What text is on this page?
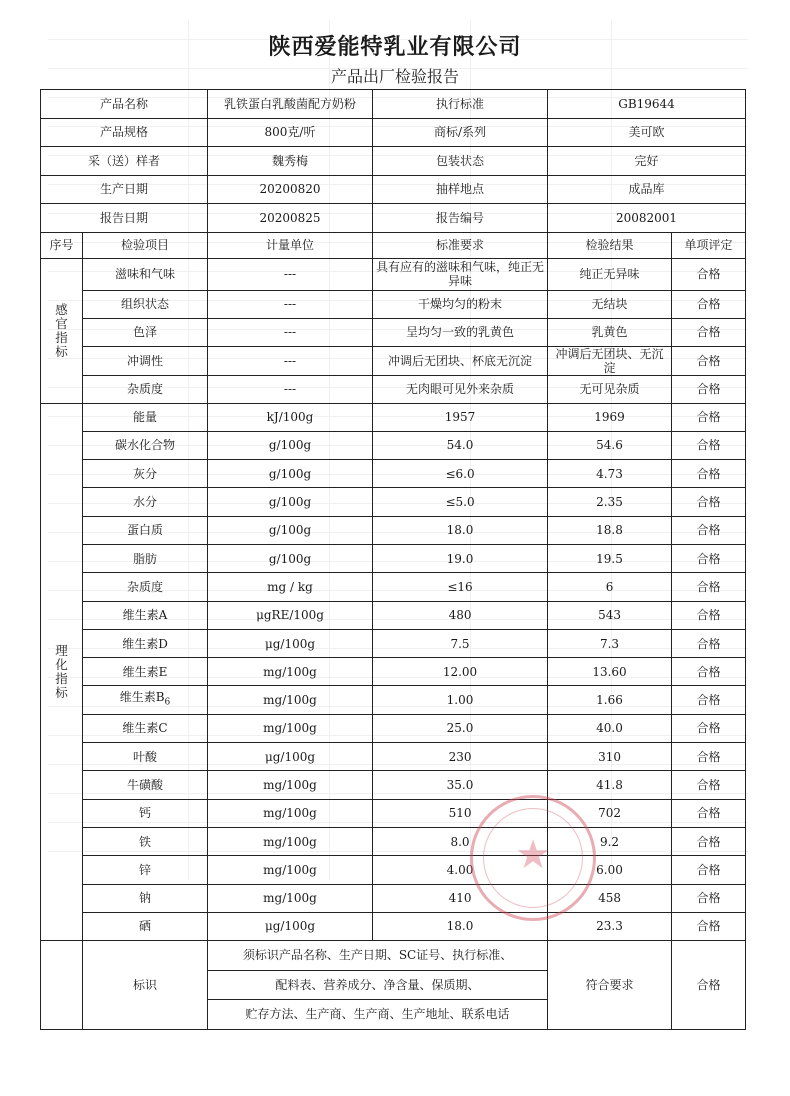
陕西爱能特乳业有限公司
产品出厂检验报告
产品名称		乳铁蛋白乳酸菌配方奶粉	执行标准	GB19644	
产品规格		800克/听	商标/系列	美可欧	
采（送）样者		魏秀梅	包装状态	完好	
生产日期		20200820	抽样地点	成品库	
报告日期		20200825	报告编号	20082001	
序号	检验项目	计量单位	标准要求	检验结果	单项评定
感官指标	滋味和气味	---	具有应有的滋味和气味，纯正无异味	纯正无异味	合格
	组织状态	---	干燥均匀的粉末	无结块	合格
	色泽	---	呈均匀一致的乳黄色	乳黄色	合格
	冲调性	---	冲调后无团块、杯底无沉淀	冲调后无团块、无沉淀	合格
	杂质度	---	无肉眼可见外来杂质	无可见杂质	合格
理化指标	能量	kJ/100g	1957	1969	合格
	碳水化合物	g/100g	54.0	54.6	合格
	灰分	g/100g	≤6.0	4.73	合格
	水分	g/100g	≤5.0	2.35	合格
	蛋白质	g/100g	18.0	18.8	合格
	脂肪	g/100g	19.0	19.5	合格
	杂质度	mg / kg	≤16	6	合格
	维生素A	μgRE/100g	480	543	合格
	维生素D	μg/100g	7.5	7.3	合格
	维生素E	mg/100g	12.00	13.60	合格
	维生素$B_6$	mg/100g	1.00	1.66	合格
	维生素C	mg/100g	25.0	40.0	合格
	叶酸	μg/100g	230	310	合格
	牛磺酸	mg/100g	35.0	41.8	合格
	钙	mg/100g	510	702	合格
	铁	mg/100g	8.0	9.2	合格
	锌	mg/100g	4.00	6.00	合格
	钠	mg/100g	410	458	合格
	硒	μg/100g	18.0	23.3	合格
	标识	须标识产品名称、生产日期、SC证号、执行标准、		符合要求	合格
		配料表、营养成分、净含量、保质期、			
		贮存方法、生产商、生产商、生产地址、联系电话			
★
